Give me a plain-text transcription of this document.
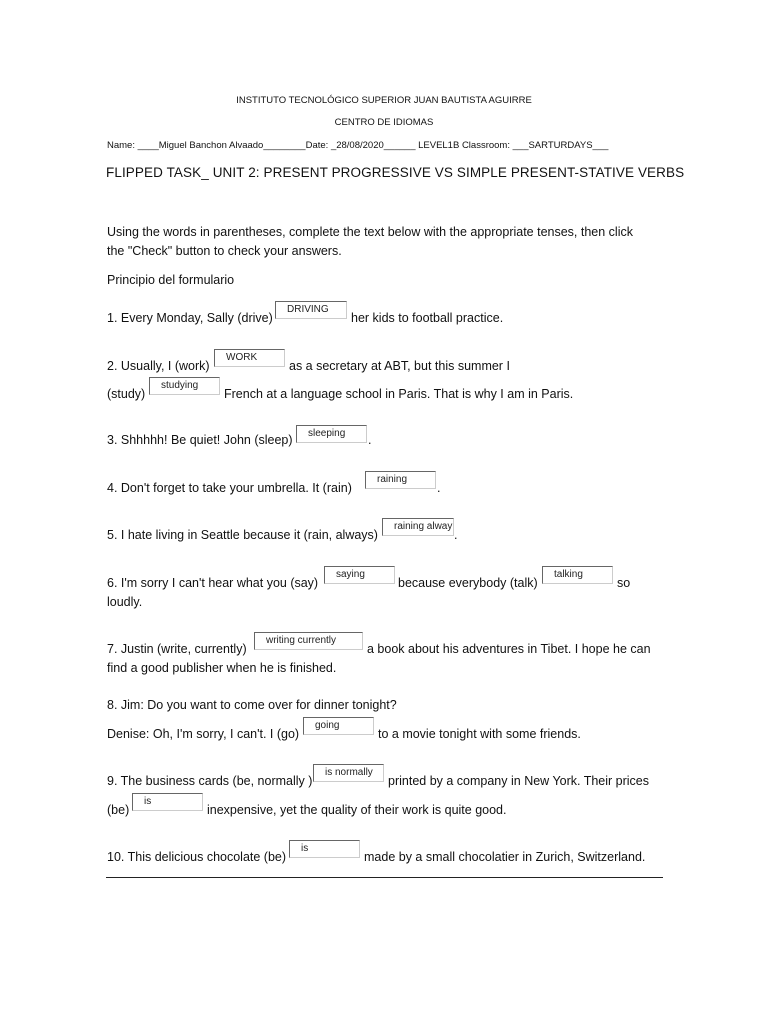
INSTITUTO TECNOLÓGICO SUPERIOR JUAN BAUTISTA AGUIRRE
CENTRO DE IDIOMAS
Name: ____Miguel Banchon Alvaado________Date: _28/08/2020______ LEVEL1B Classroom: ___SARTURDAYS___
FLIPPED TASK_ UNIT 2: PRESENT PROGRESSIVE VS SIMPLE PRESENT-STATIVE VERBS
Using the words in parentheses, complete the text below with the appropriate tenses, then click
the "Check" button to check your answers.
Principio del formulario
1. Every Monday, Sally (drive)
DRIVING
her kids to football practice.
2. Usually, I (work)
WORK
as a secretary at ABT, but this summer I
(study)
studying
French at a language school in Paris. That is why I am in Paris.
3. Shhhhh! Be quiet! John (sleep)	sleeping	.
4. Don't forget to take your umbrella. It (rain)
raining
.
5. I hate living in Seattle because it (rain, always)
raining alway
.
6. I'm sorry I can't hear what you (say)
saying
because everybody (talk)
talking
so
loudly.
7. Justin (write, currently)
writing currently
a book about his adventures in Tibet. I hope he can
find a good publisher when he is finished.
8. Jim: Do you want to come over for dinner tonight?
Denise: Oh, I'm sorry, I can't. I (go)
going
to a movie tonight with some friends.
9. The business cards (be, normally )
is normally
printed by a company in New York. Their prices
(be)
is
inexpensive, yet the quality of their work is quite good.
10. This delicious chocolate (be)
is
made by a small chocolatier in Zurich, Switzerland.
